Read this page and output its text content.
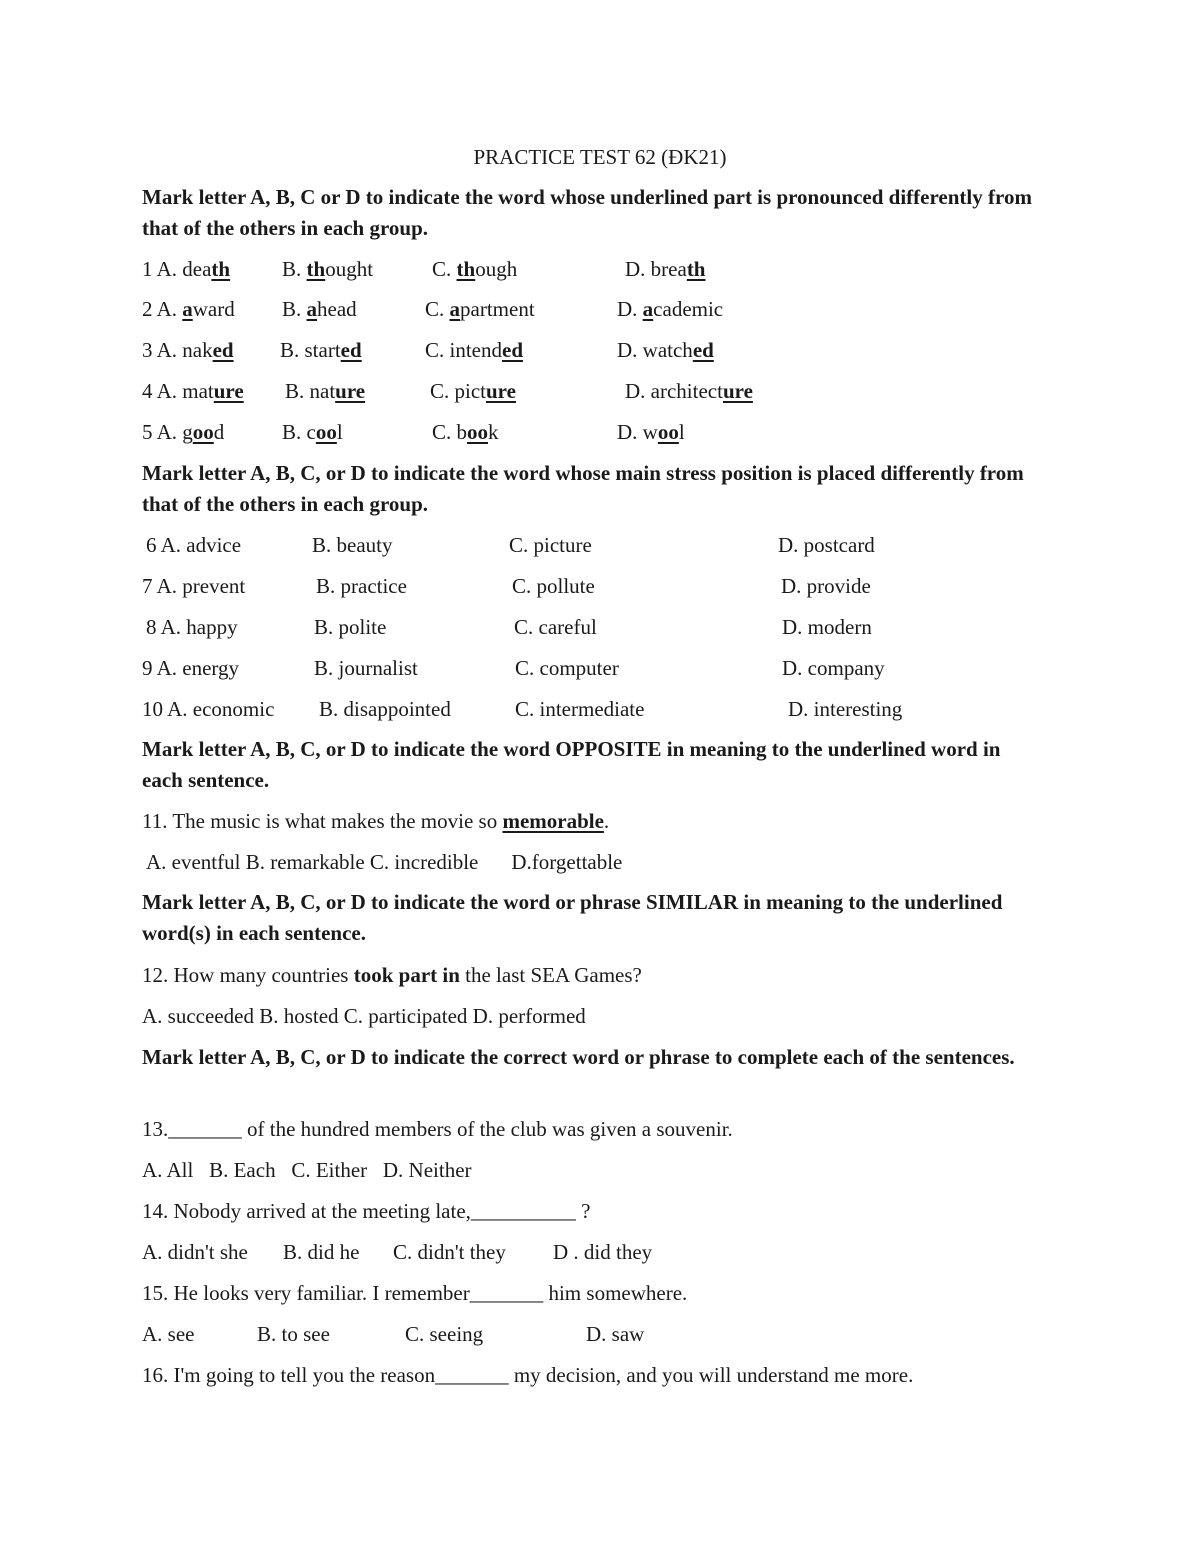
PRACTICE TEST 62 (ĐK21)
Mark letter A, B, C or D to indicate the word whose underlined part is pronounced differently from that of the others in each group.
1 A. death B. thought	C. though	D. breath
2 A. award B. ahead	C. apartment	D. academic
3 A. naked B. started	C. intended	D. watched
4 A. mature B. nature	C. picture	D. architecture
5 A. good	B. cool	C. book	D. wool
Mark letter A, B, C, or D to indicate the word whose main stress position is placed differently from that of the others in each group.
6 A. advice	B. beauty	C. picture	D. postcard
7 A. prevent	B. practice	C. pollute	D. provide
8 A. happy	B. polite	C. careful	D. modern
9 A. energy	B. journalist	C. computer	D. company
10 A. economic B. disappointed	C. intermediate	D. interesting
Mark letter A, B, C, or D to indicate the word OPPOSITE in meaning to the underlined word in each sentence.
11. The music is what makes the movie so memorable.
A. eventful B. remarkable C. incredible D.forgettable
Mark letter A, B, C, or D to indicate the word or phrase SIMILAR in meaning to the underlined word(s) in each sentence.
12. How many countries took part in the last SEA Games?
A. succeeded B. hosted C. participated D. performed
Mark letter A, B, C, or D to indicate the correct word or phrase to complete each of the sentences.
13._______ of the hundred members of the club was given a souvenir.
A. All   B. Each   C. Either   D. Neither
14. Nobody arrived at the meeting late,__________ ?
A. didn't she B. did he C. didn't they D . did they
15. He looks very familiar. I remember_______ him somewhere.
A. see	B. to see	C. seeing	D. saw
16. I'm going to tell you the reason_______ my decision, and you will understand me more.
